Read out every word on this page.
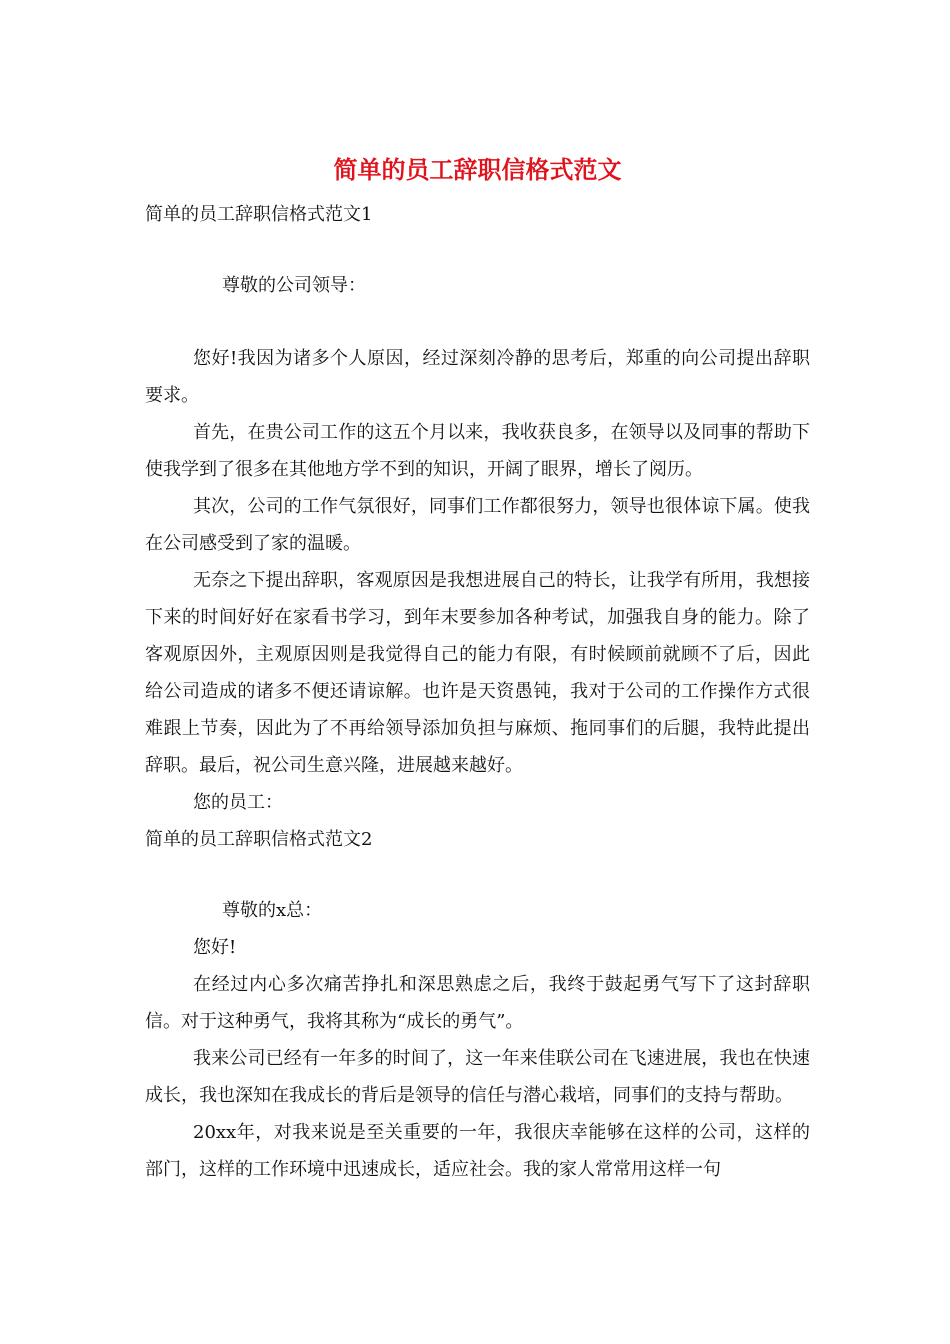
简单的员工辞职信格式范文

简单的员工辞职信格式范文1

尊敬的公司领导：

您好!我因为诸多个人原因，经过深刻冷静的思考后，郑重的向公司提出辞职要求。

首先，在贵公司工作的这五个月以来，我收获良多，在领导以及同事的帮助下使我学到了很多在其他地方学不到的知识，开阔了眼界，增长了阅历。

其次，公司的工作气氛很好，同事们工作都很努力，领导也很体谅下属。使我在公司感受到了家的温暖。

无奈之下提出辞职，客观原因是我想进展自己的特长，让我学有所用，我想接下来的时间好好在家看书学习，到年末要参加各种考试，加强我自身的能力。除了客观原因外，主观原因则是我觉得自己的能力有限，有时候顾前就顾不了后，因此给公司造成的诸多不便还请谅解。也许是天资愚钝，我对于公司的工作操作方式很难跟上节奏，因此为了不再给领导添加负担与麻烦、拖同事们的后腿，我特此提出辞职。最后，祝公司生意兴隆，进展越来越好。

您的员工：

简单的员工辞职信格式范文2

尊敬的x总：

您好!

在经过内心多次痛苦挣扎和深思熟虑之后，我终于鼓起勇气写下了这封辞职信。对于这种勇气，我将其称为“成长的勇气”。

我来公司已经有一年多的时间了，这一年来佳联公司在飞速进展，我也在快速成长，我也深知在我成长的背后是领导的信任与潜心栽培，同事们的支持与帮助。

20xx年，对我来说是至关重要的一年，我很庆幸能够在这样的公司，这样的部门，这样的工作环境中迅速成长，适应社会。我的家人常常用这样一句
